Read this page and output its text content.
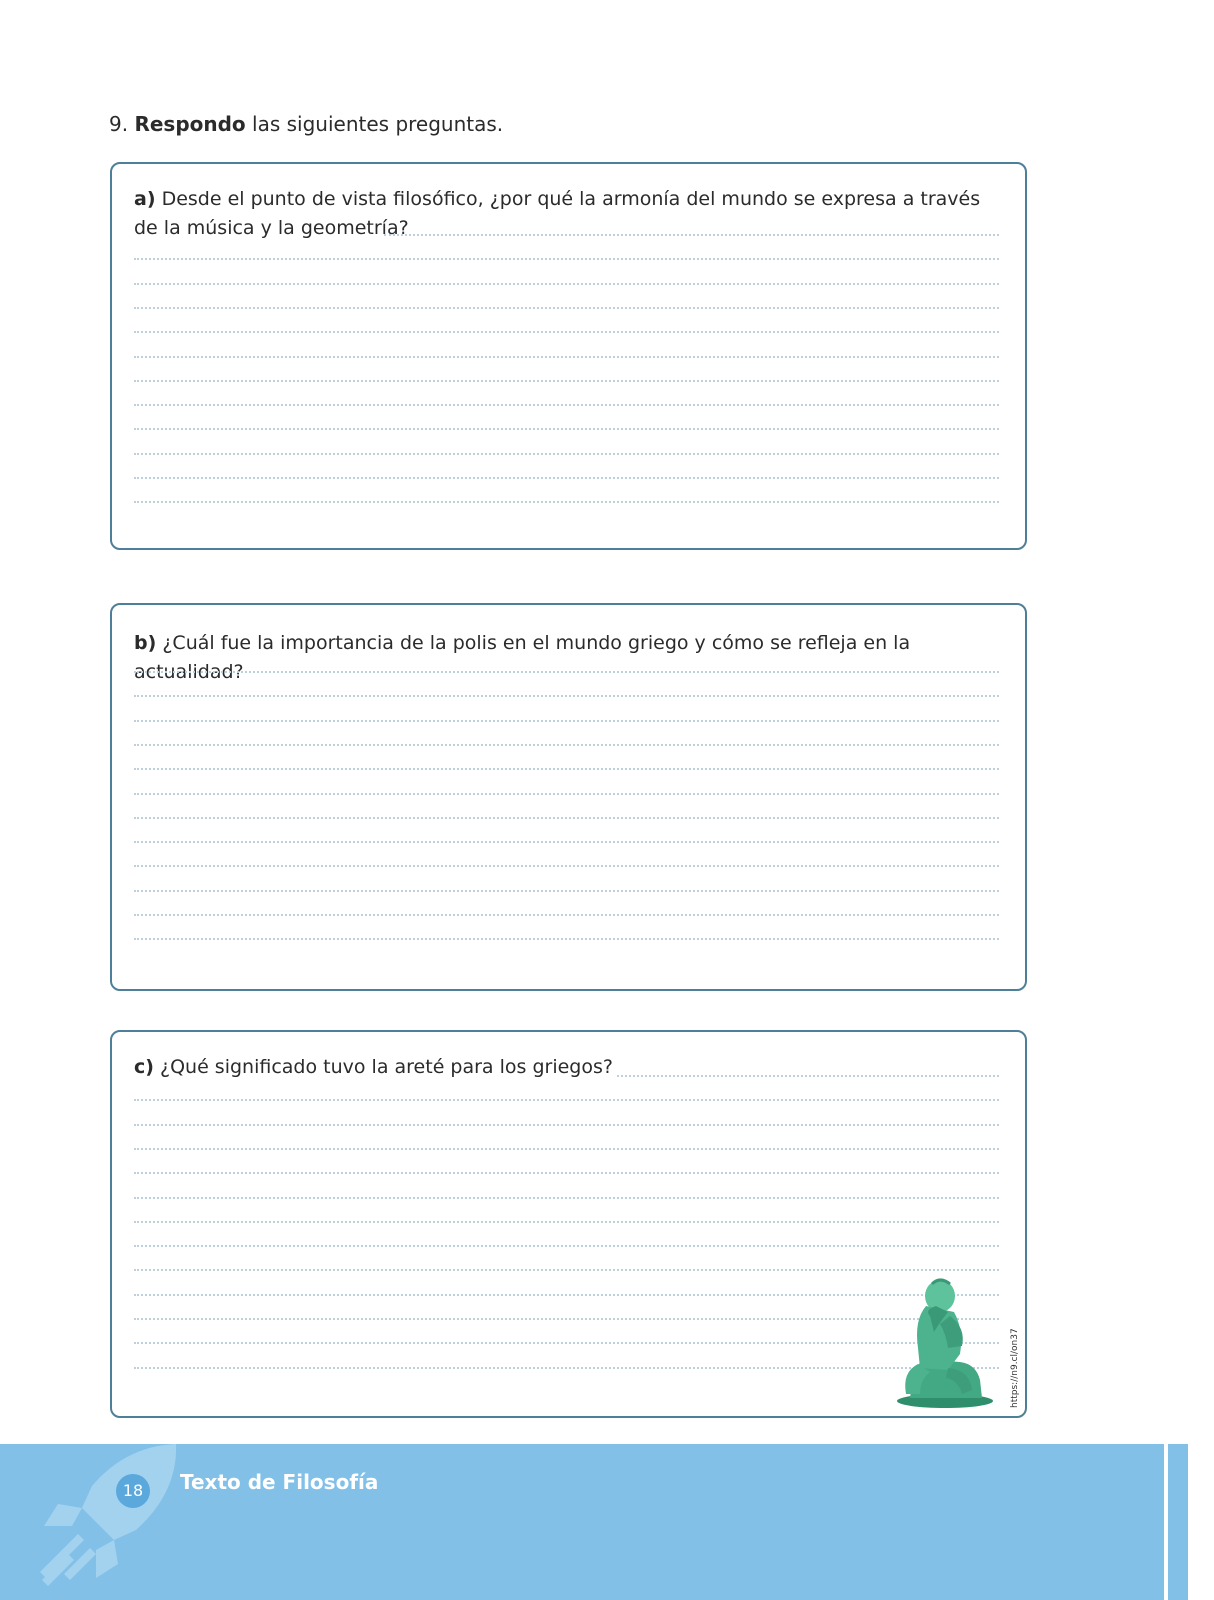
9. Respondo las siguientes preguntas.

a) Desde el punto de vista filosófico, ¿por qué la armonía del mundo se expresa a través de la música y la geometría?

b) ¿Cuál fue la importancia de la polis en el mundo griego y cómo se refleja en la actualidad?

c) ¿Qué significado tuvo la areté para los griegos?

https://n9.cl/on37
18	Texto de Filosofía
